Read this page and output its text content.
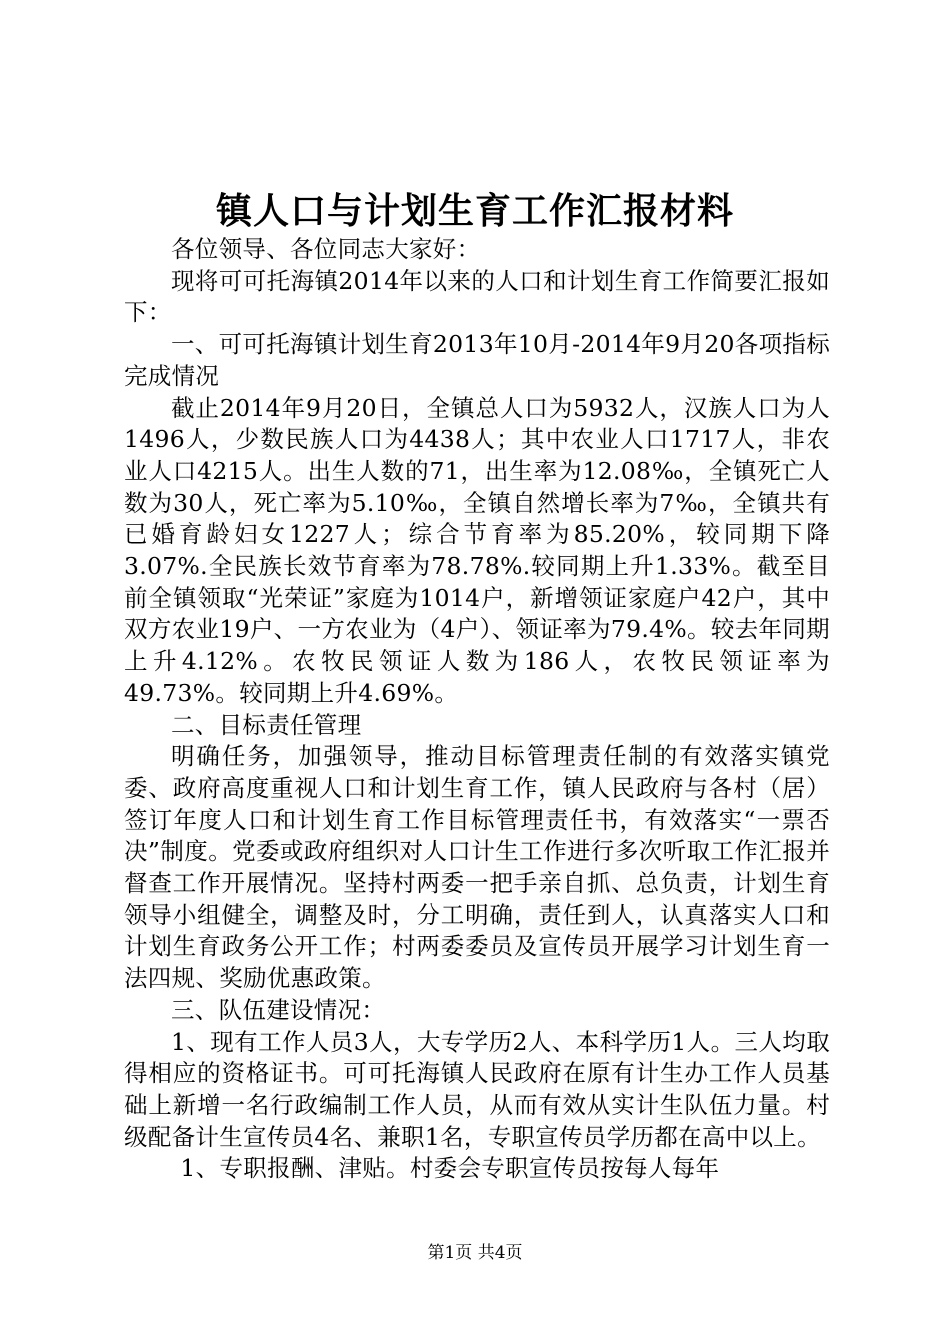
镇人口与计划生育工作汇报材料

各位领导、各位同志大家好：

现将可可托海镇2014年以来的人口和计划生育工作简要汇报如下：

一、可可托海镇计划生育2013年10月-2014年9月20各项指标完成情况

截止2014年9月20日，全镇总人口为5932人，汉族人口为人1496人，少数民族人口为4438人；其中农业人口1717人，非农业人口4215人。出生人数的71，出生率为12.08‰，全镇死亡人数为30人，死亡率为5.10‰，全镇自然增长率为7‰，全镇共有已婚育龄妇女1227人；综合节育率为85.20%，较同期下降3.07%.全民族长效节育率为78.78%.较同期上升1.33%。截至目前全镇领取“光荣证”家庭为1014户，新增领证家庭户42户，其中双方农业19户、一方农业为（4户）、领证率为79.4%。较去年同期上升4.12%。农牧民领证人数为186人，农牧民领证率为49.73%。较同期上升4.69%。

二、目标责任管理

明确任务，加强领导，推动目标管理责任制的有效落实镇党委、政府高度重视人口和计划生育工作，镇人民政府与各村（居）签订年度人口和计划生育工作目标管理责任书，有效落实“一票否决”制度。党委或政府组织对人口计生工作进行多次听取工作汇报并督查工作开展情况。坚持村两委一把手亲自抓、总负责，计划生育领导小组健全，调整及时，分工明确，责任到人，认真落实人口和计划生育政务公开工作；村两委委员及宣传员开展学习计划生育一法四规、奖励优惠政策。

三、队伍建设情况：

1、现有工作人员3人，大专学历2人、本科学历1人。三人均取得相应的资格证书。可可托海镇人民政府在原有计生办工作人员基础上新增一名行政编制工作人员，从而有效从实计生队伍力量。村级配备计生宣传员4名、兼职1名，专职宣传员学历都在高中以上。

1、专职报酬、津贴。村委会专职宣传员按每人每年

第1页 共4页
